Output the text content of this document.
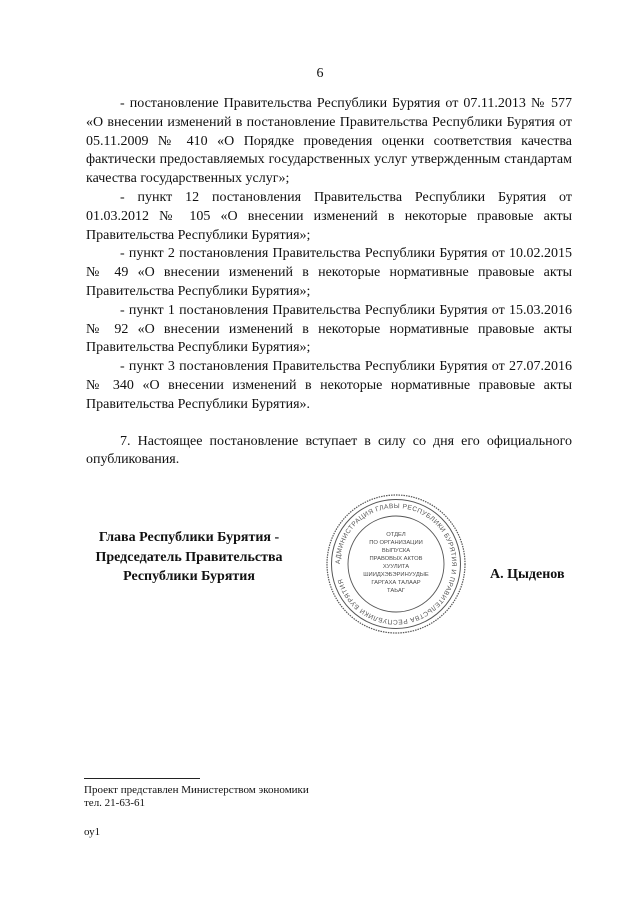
6

- постановление Правительства Республики Бурятия от 07.11.2013 № 577 «О внесении изменений в постановление Правительства Республики Бурятия от 05.11.2009 № 410 «О Порядке проведения оценки соответствия качества фактически предоставляемых государственных услуг утвержденным стандартам качества государственных услуг»;

- пункт 12 постановления Правительства Республики Бурятия от 01.03.2012 № 105 «О внесении изменений в некоторые правовые акты Правительства Республики Бурятия»;

- пункт 2 постановления Правительства Республики Бурятия от 10.02.2015 № 49 «О внесении изменений в некоторые нормативные правовые акты Правительства Республики Бурятия»;

- пункт 1 постановления Правительства Республики Бурятия от 15.03.2016 № 92 «О внесении изменений в некоторые нормативные правовые акты Правительства Республики Бурятия»;

- пункт 3 постановления Правительства Республики Бурятия от 27.07.2016 № 340 «О внесении изменений в некоторые нормативные правовые акты Правительства Республики Бурятия».

7. Настоящее постановление вступает в силу со дня его официального опубликования.

Глава Республики Бурятия -
Председатель Правительства
Республики Бурятия
АДМИНИСТРАЦИЯ ГЛАВЫ РЕСПУБЛИКИ БУРЯТИЯ И ПРАВИТЕЛЬСТВА РЕСПУБЛИКИ БУРЯТИЯ
ОТДЕЛ
ПО ОРГАНИЗАЦИИ
ВЫПУСКА
ПРАВОВЫХ АКТОВ
ХУУЛИТА
ШИИДХЭБЭРИНУУДЫЕ
ГАРГАХА ТАЛААР
ТАЬАГ
А. Цыденов
Проект представлен Министерством экономики
тел. 21-63-61
оу1
